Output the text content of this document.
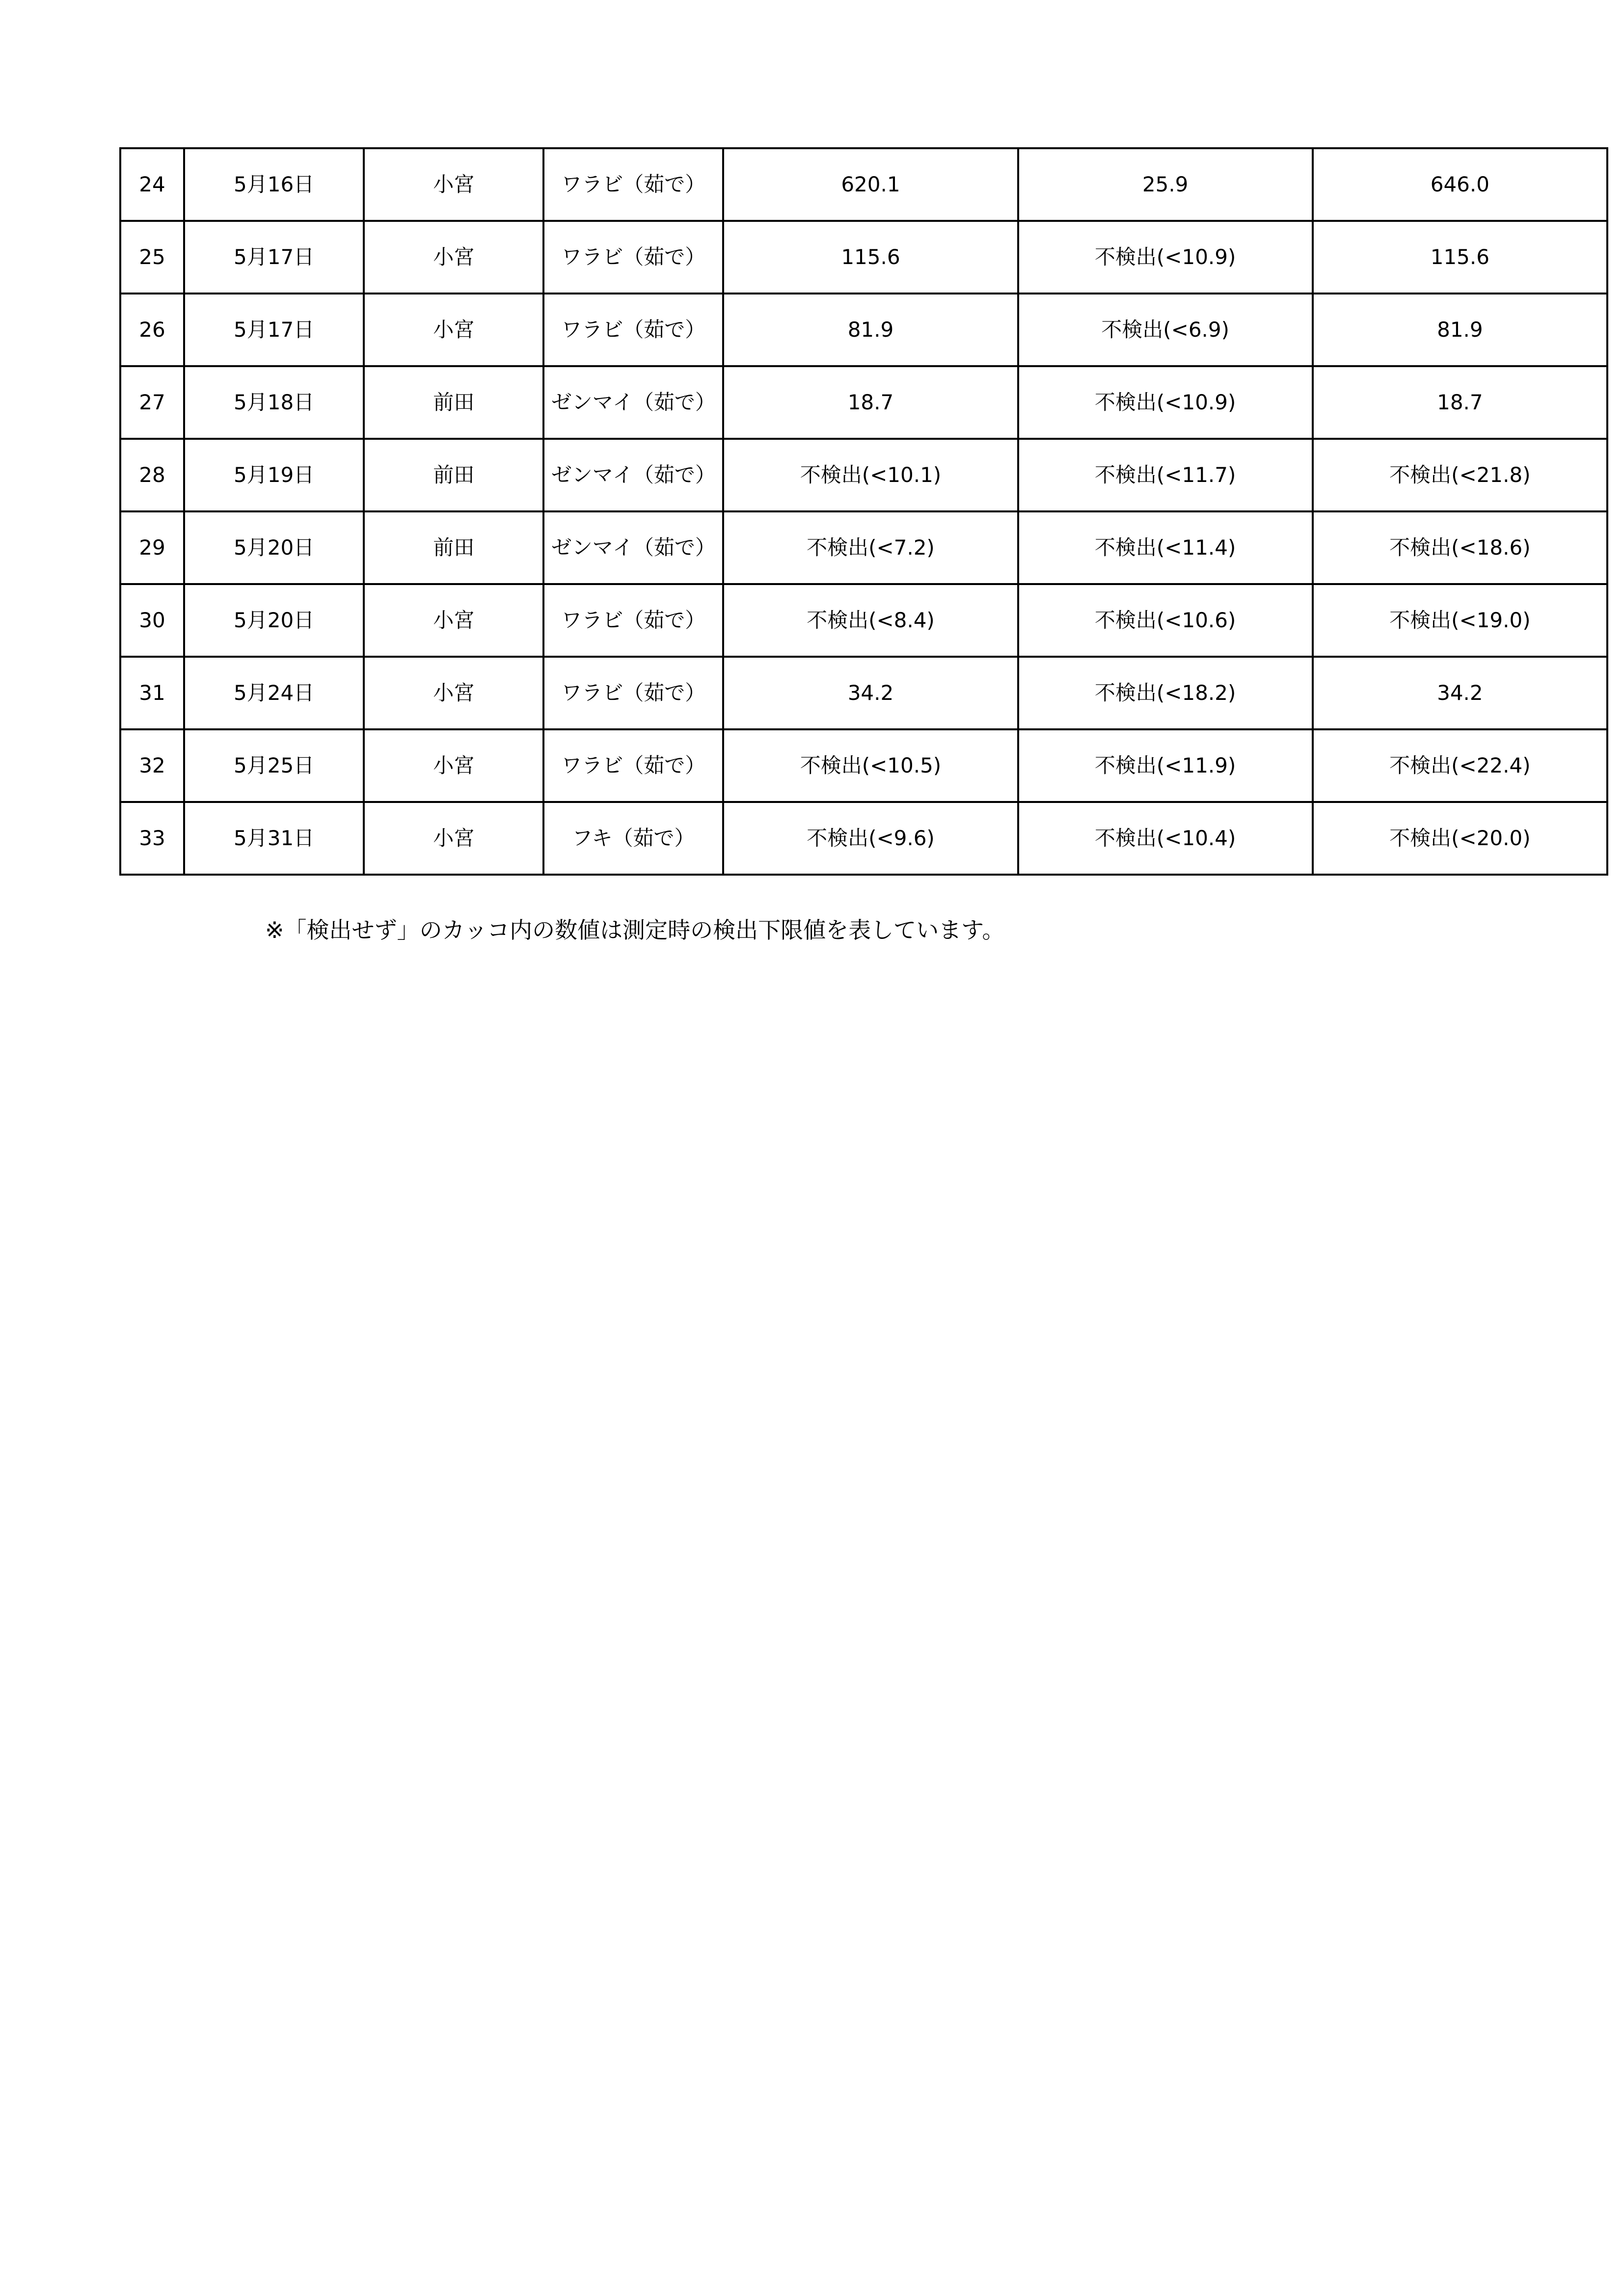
24	5月16日	小宮	ワラビ（茹で）	620.1	25.9	646.0
25	5月17日	小宮	ワラビ（茹で）	115.6	不検出(<10.9)	115.6
26	5月17日	小宮	ワラビ（茹で）	81.9	不検出(<6.9)	81.9
27	5月18日	前田	ゼンマイ（茹で）	18.7	不検出(<10.9)	18.7
28	5月19日	前田	ゼンマイ（茹で）	不検出(<10.1)	不検出(<11.7)	不検出(<21.8)
29	5月20日	前田	ゼンマイ（茹で）	不検出(<7.2)	不検出(<11.4)	不検出(<18.6)
30	5月20日	小宮	ワラビ（茹で）	不検出(<8.4)	不検出(<10.6)	不検出(<19.0)
31	5月24日	小宮	ワラビ（茹で）	34.2	不検出(<18.2)	34.2
32	5月25日	小宮	ワラビ（茹で）	不検出(<10.5)	不検出(<11.9)	不検出(<22.4)
33	5月31日	小宮	フキ（茹で）	不検出(<9.6)	不検出(<10.4)	不検出(<20.0)
※「検出せず」のカッコ内の数値は測定時の検出下限値を表しています。
